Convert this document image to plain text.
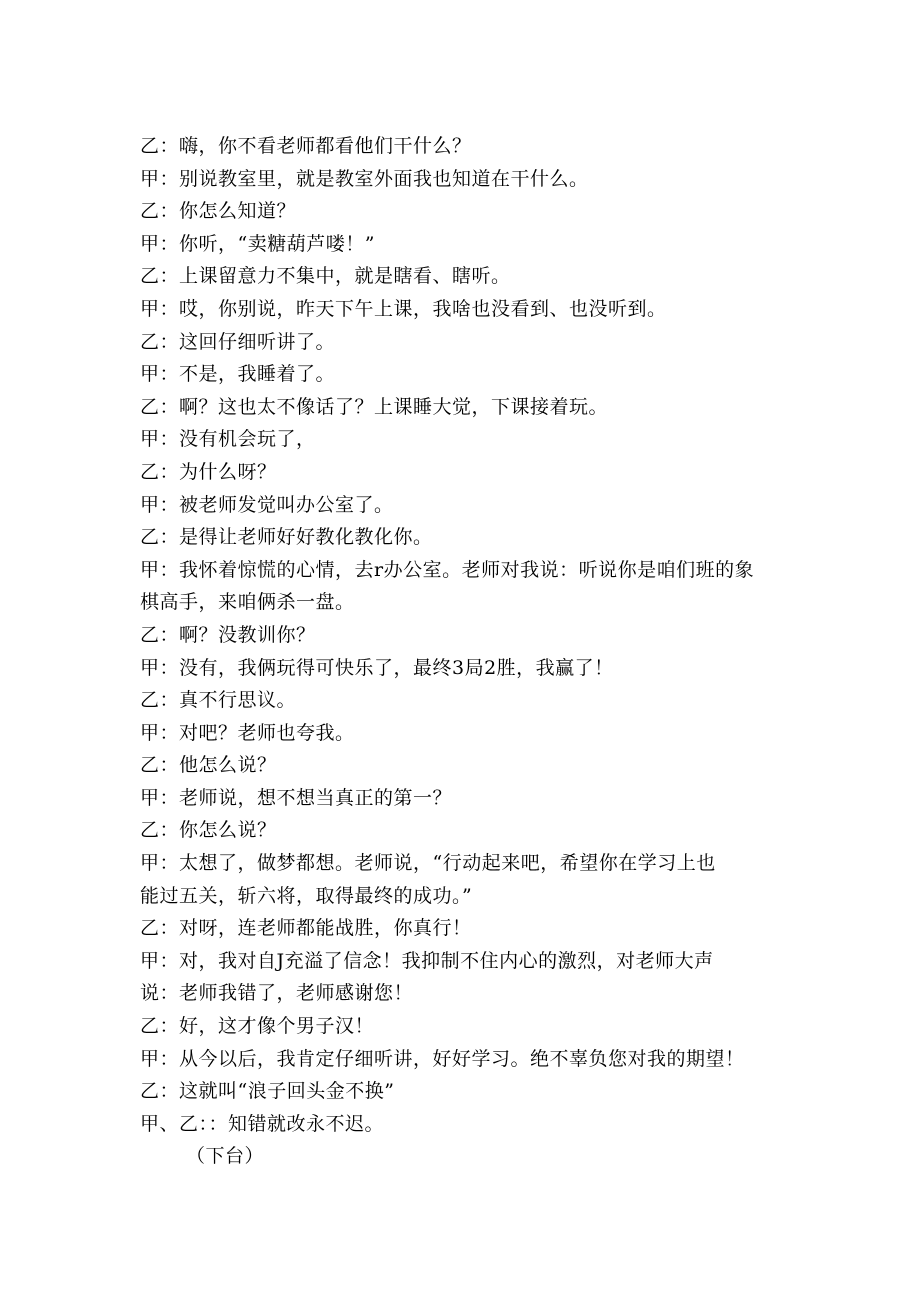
乙：嗨，你不看老师都看他们干什么？
甲：别说教室里，就是教室外面我也知道在干什么。
乙：你怎么知道？
甲：你听，“卖糖葫芦喽！”
乙：上课留意力不集中，就是瞎看、瞎听。
甲：哎，你别说，昨天下午上课，我啥也没看到、也没听到。
乙：这回仔细听讲了。
甲：不是，我睡着了。
乙：啊？这也太不像话了？上课睡大觉，下课接着玩。
甲：没有机会玩了，
乙：为什么呀？
甲：被老师发觉叫办公室了。
乙：是得让老师好好教化教化你。
甲：我怀着惊慌的心情，去r办公室。老师对我说：听说你是咱们班的象
棋高手，来咱俩杀一盘。
乙：啊？没教训你？
甲：没有，我俩玩得可快乐了，最终3局2胜，我赢了！
乙：真不行思议。
甲：对吧？老师也夸我。
乙：他怎么说？
甲：老师说，想不想当真正的第一？
乙：你怎么说？
甲：太想了，做梦都想。老师说，“行动起来吧，希望你在学习上也
能过五关，斩六将，取得最终的成功。”
乙：对呀，连老师都能战胜，你真行！
甲：对，我对自J充溢了信念！我抑制不住内心的激烈，对老师大声
说：老师我错了，老师感谢您！
乙：好，这才像个男子汉！
甲：从今以后，我肯定仔细听讲，好好学习。绝不辜负您对我的期望！
乙：这就叫“浪子回头金不换”
甲、乙：：知错就改永不迟。
（下台）
